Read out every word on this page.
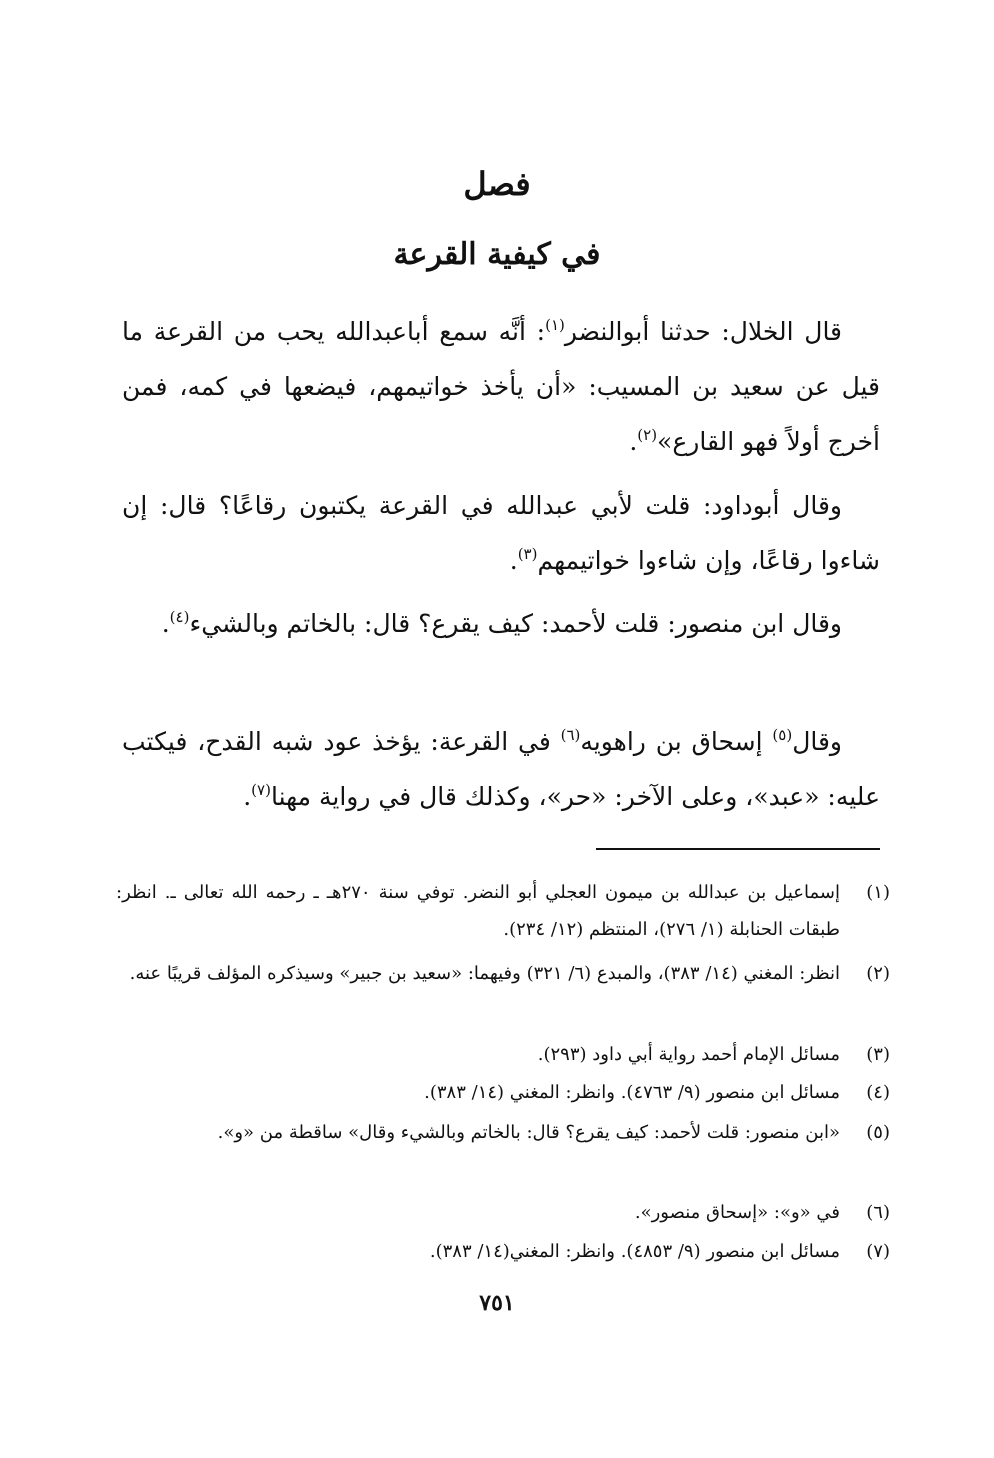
فصل
في كيفية القرعة

قال الخلال: حدثنا أبوالنضر$^{(١)}$: أنَّه سمع أباعبدالله يحب من القرعة ما قيل عن سعيد بن المسيب: «أن يأخذ خواتيمهم، فيضعها في كمه، فمن أخرج أولاً فهو القارع»$^{(٢)}$.

وقال أبوداود: قلت لأبي عبدالله في القرعة يكتبون رقاعًا؟ قال: إن شاءوا رقاعًا، وإن شاءوا خواتيمهم$^{(٣)}$.

وقال ابن منصور: قلت لأحمد: كيف يقرع؟ قال: بالخاتم وبالشيء$^{(٤)}$.

وقال$^{(٥)}$ إسحاق بن راهويه$^{(٦)}$ في القرعة: يؤخذ عود شبه القدح، فيكتب عليه: «عبد»، وعلى الآخر: «حر»، وكذلك قال في رواية مهنا$^{(٧)}$.

(١)
إسماعيل بن عبدالله بن ميمون العجلي أبو النضر. توفي سنة ٢٧٠هـ ـ رحمه الله تعالى ـ. انظر: طبقات الحنابلة (١/ ٢٧٦)، المنتظم (١٢/ ٢٣٤).
(٢)
انظر: المغني (١٤/ ٣٨٣)، والمبدع (٦/ ٣٢١) وفيهما: «سعيد بن جبير» وسيذكره المؤلف قريبًا عنه.
(٣)
مسائل الإمام أحمد رواية أبي داود (٢٩٣).
(٤)
مسائل ابن منصور (٩/ ٤٧٦٣). وانظر: المغني (١٤/ ٣٨٣).
(٥)
«ابن منصور: قلت لأحمد: كيف يقرع؟ قال: بالخاتم وبالشيء وقال» ساقطة من «و».
(٦)
في «و»: «إسحاق منصور».
(٧)
مسائل ابن منصور (٩/ ٤٨٥٣). وانظر: المغني(١٤/ ٣٨٣).
٧٥١
